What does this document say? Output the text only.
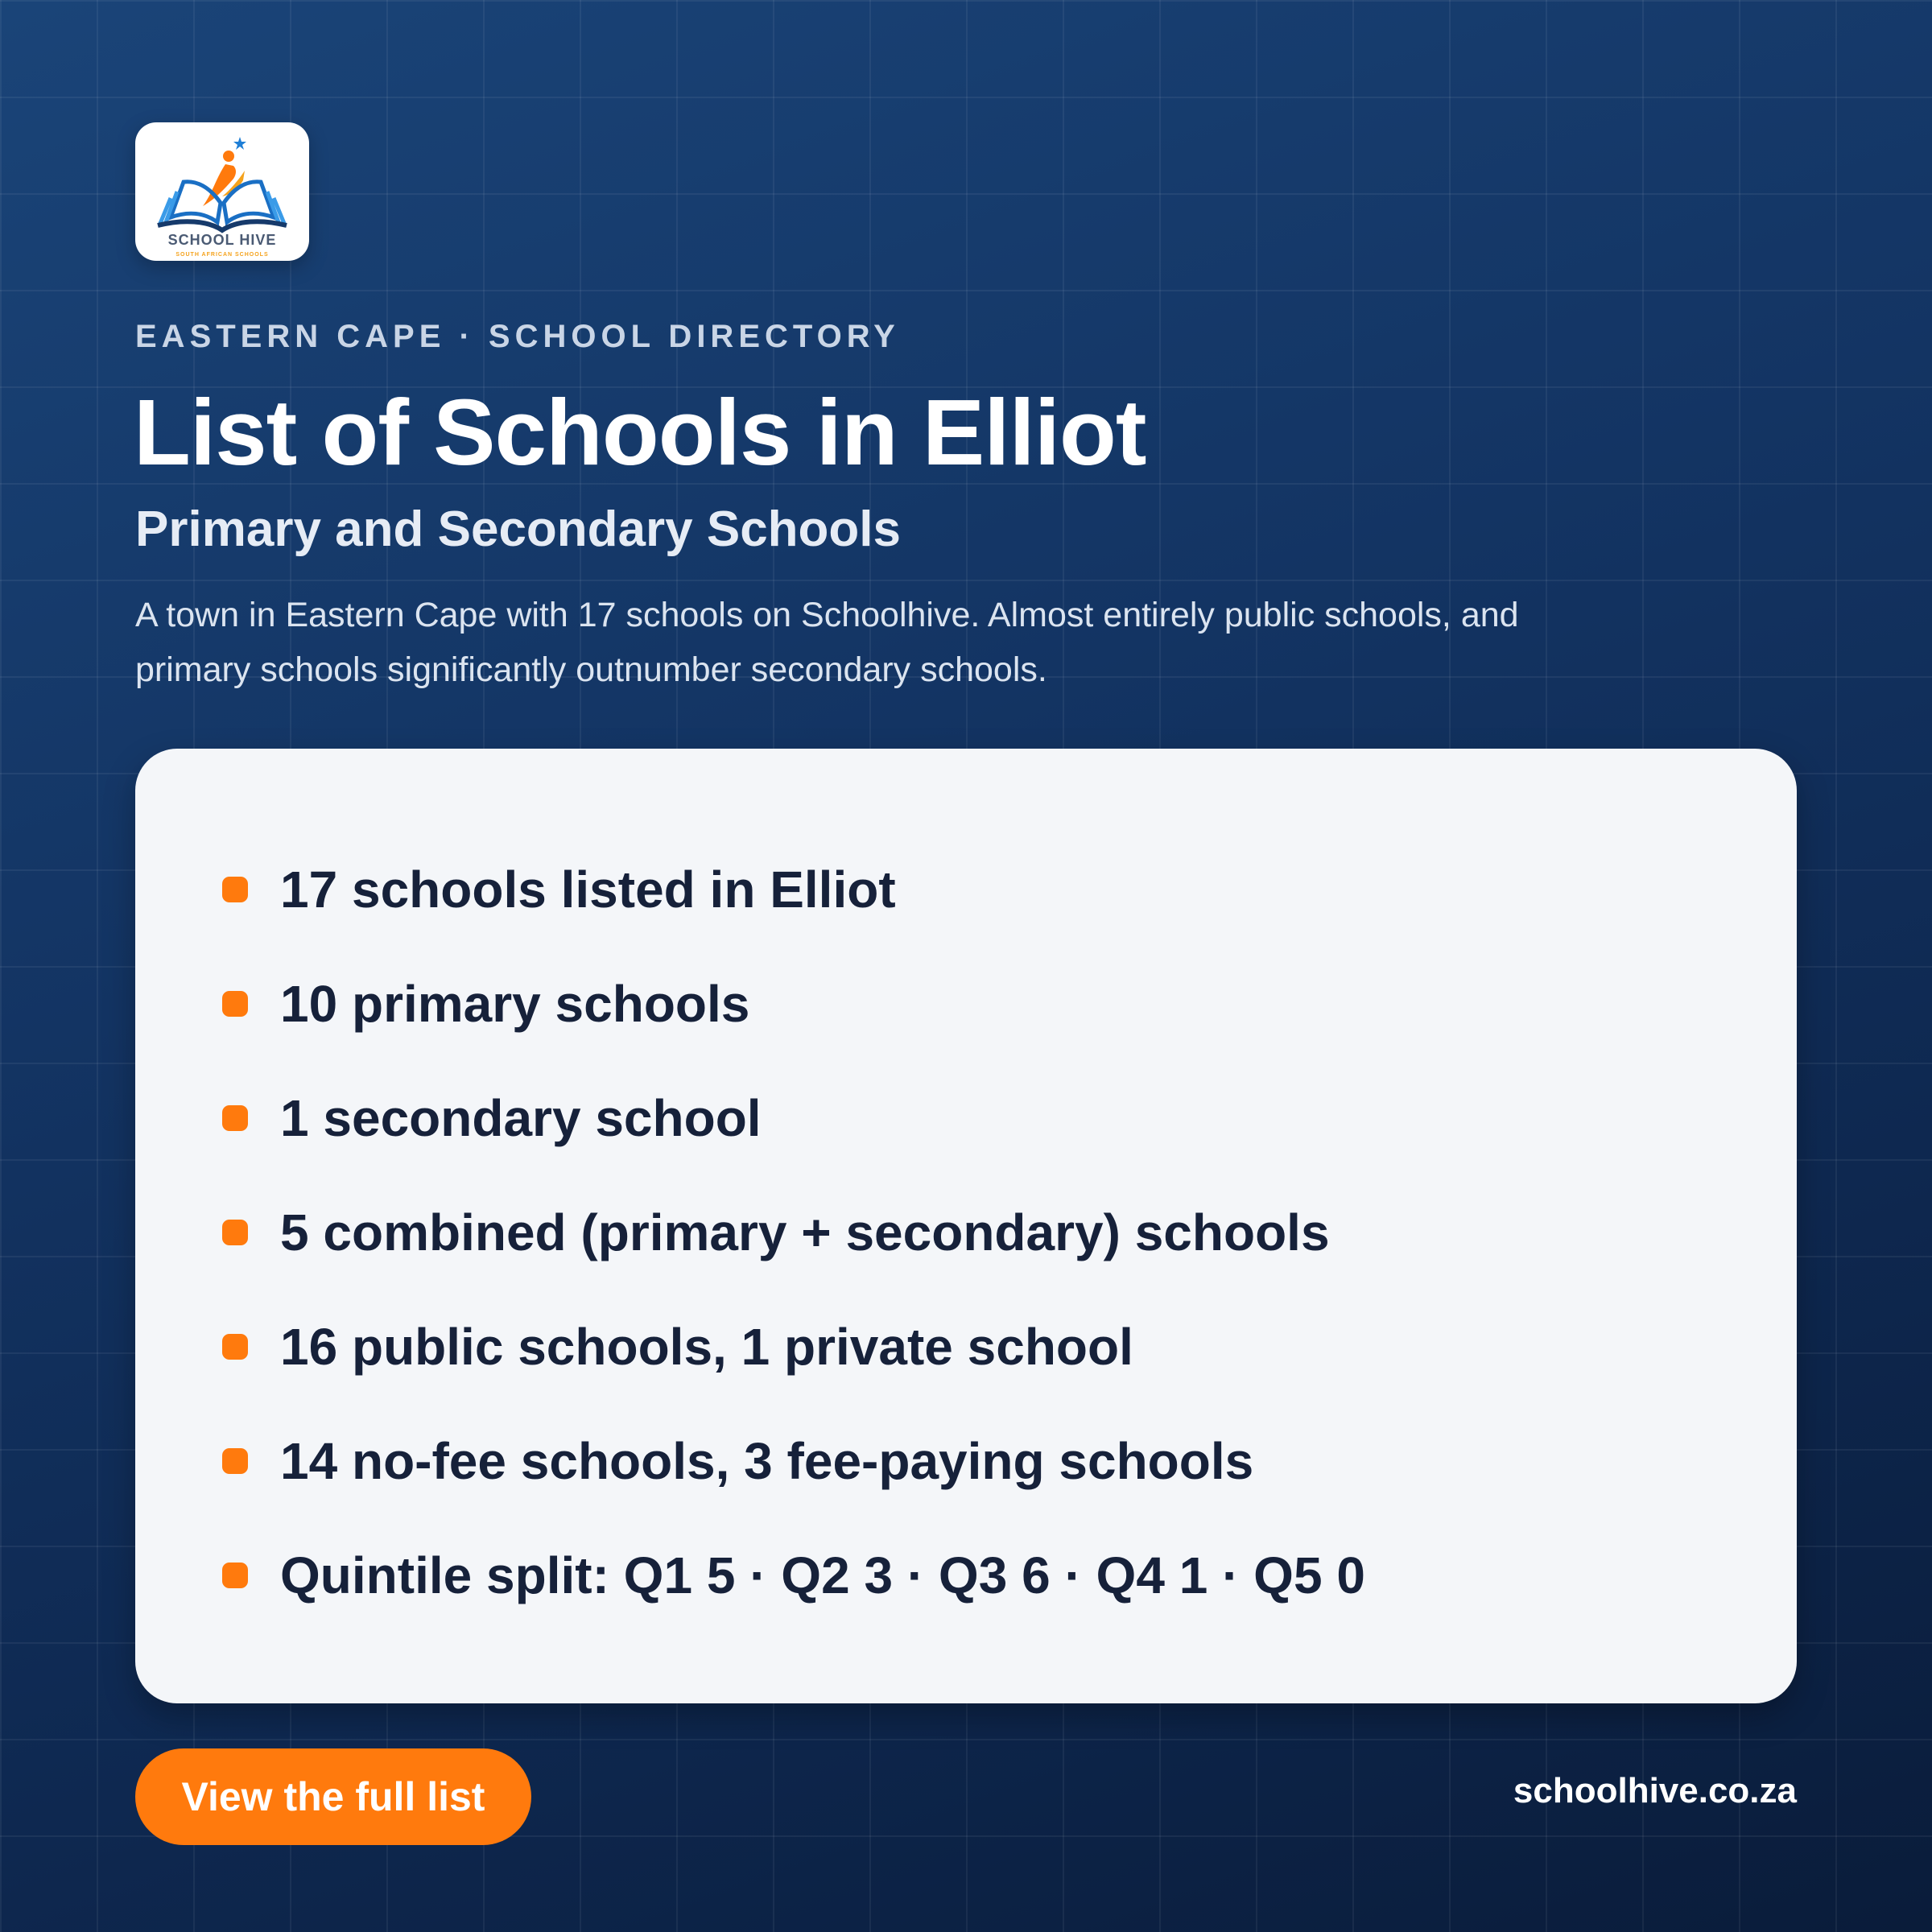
SCHOOL HIVE
SOUTH AFRICAN SCHOOLS
EASTERN CAPE · SCHOOL DIRECTORY
List of Schools in Elliot
Primary and Secondary Schools

A town in Eastern Cape with 17 schools on Schoolhive. Almost entirely public schools, and primary schools significantly outnumber secondary schools.

17 schools listed in Elliot
10 primary schools
1 secondary school
5 combined (primary + secondary) schools
16 public schools, 1 private school
14 no-fee schools, 3 fee-paying schools
Quintile split: Q1 5 · Q2 3 · Q3 6 · Q4 1 · Q5 0
View the full list	schoolhive.co.za
